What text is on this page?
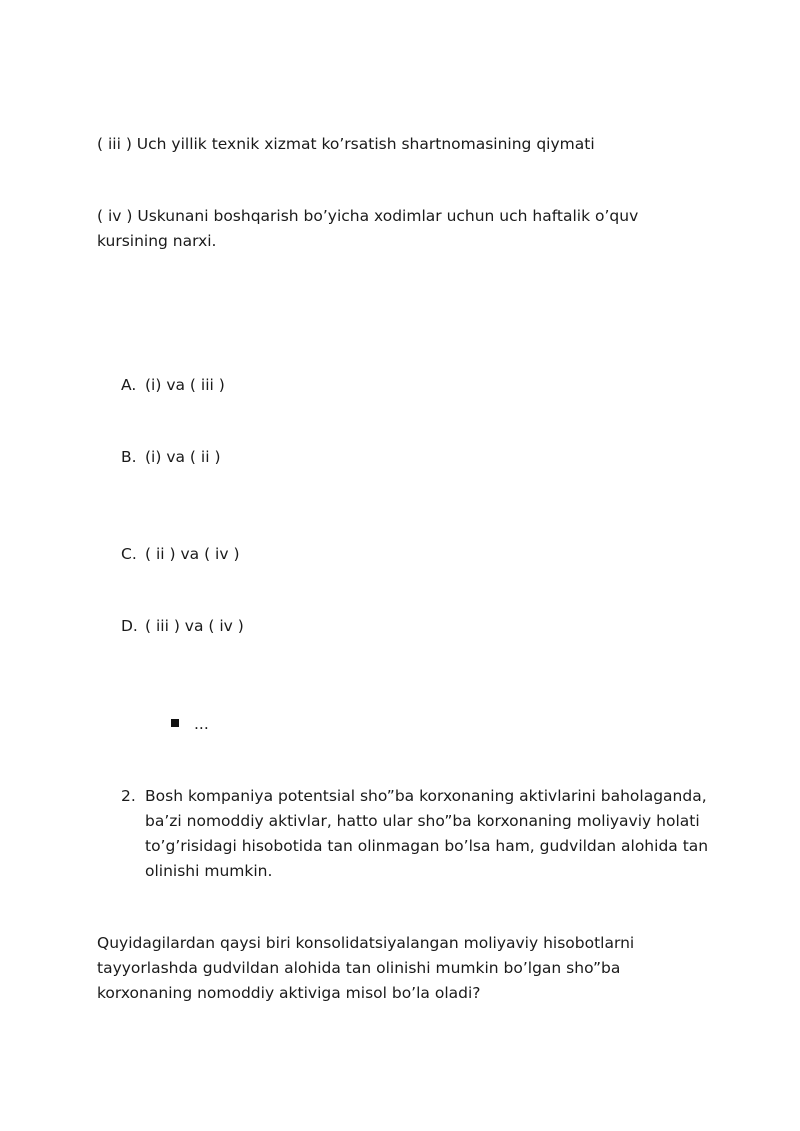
( iii ) Uch yillik texnik xizmat ko’rsatish shartnomasining qiymati

( iv ) Uskunani boshqarish bo’yicha xodimlar uchun uch haftalik o’quv kursining narxi.

A. (i) va ( iii )
B. (i) va ( ii )
C. ( ii ) va ( iv )
D. ( iii ) va ( iv )
...
2. Bosh kompaniya potentsial sho”ba korxonaning aktivlarini baholaganda, ba’zi nomoddiy aktivlar, hatto ular sho”ba korxonaning moliyaviy holati to’g’risidagi hisobotida tan olinmagan bo’lsa ham, gudvildan alohida tan olinishi mumkin.

Quyidagilardan qaysi biri konsolidatsiyalangan moliyaviy hisobotlarni tayyorlashda gudvildan alohida tan olinishi mumkin bo’lgan sho”ba korxonaning nomoddiy aktiviga misol bo’la oladi?
